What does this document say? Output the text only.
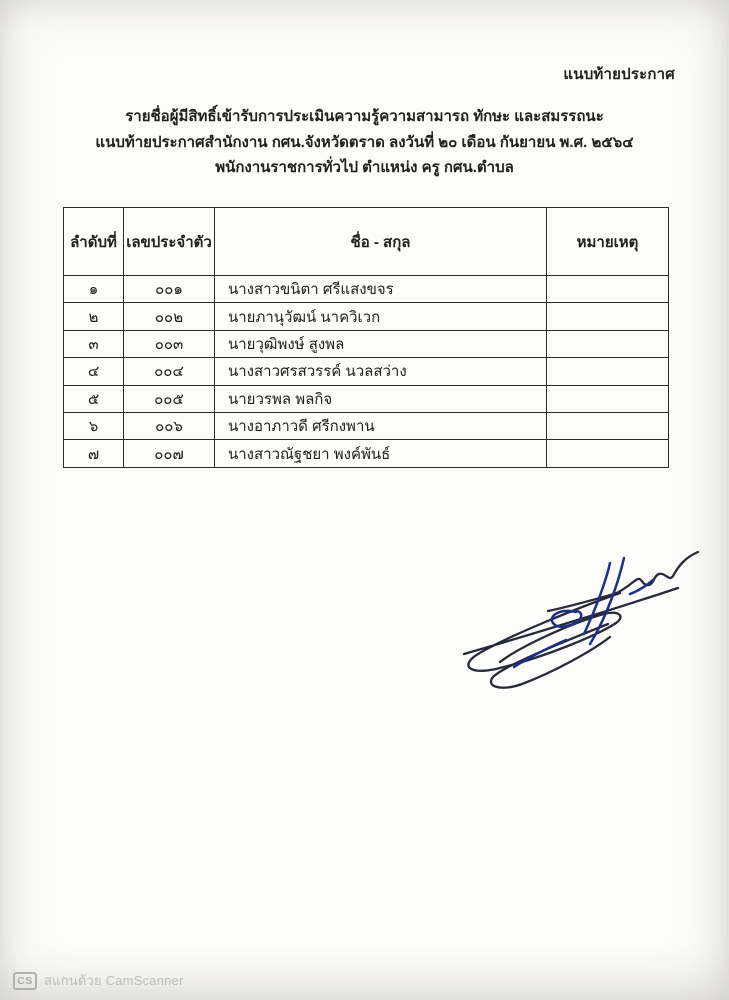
แนบท้ายประกาศ
รายชื่อผู้มีสิทธิ์เข้ารับการประเมินความรู้ความสามารถ ทักษะ และสมรรถนะ
แนบท้ายประกาศสำนักงาน กศน.จังหวัดตราด ลงวันที่ ๒๐ เดือน กันยายน พ.ศ. ๒๕๖๔
พนักงานราชการทั่วไป ตำแหน่ง ครู กศน.ตำบล
ลำดับที่	เลขประจำตัว	ชื่อ - สกุล	หมายเหตุ
๑	๐๐๑	นางสาวขนิตา ศรีแสงขจร	
๒	๐๐๒	นายภานุวัฒน์ นาควิเวก	
๓	๐๐๓	นายวุฒิพงษ์ สูงพล	
๔	๐๐๔	นางสาวศรสวรรค์ นวลสว่าง	
๕	๐๐๕	นายวรพล พลกิจ	
๖	๐๐๖	นางอาภาวดี ศรีกงพาน	
๗	๐๐๗	นางสาวณัฐชยา พงค์พันธ์	
CS สแกนด้วย CamScanner
